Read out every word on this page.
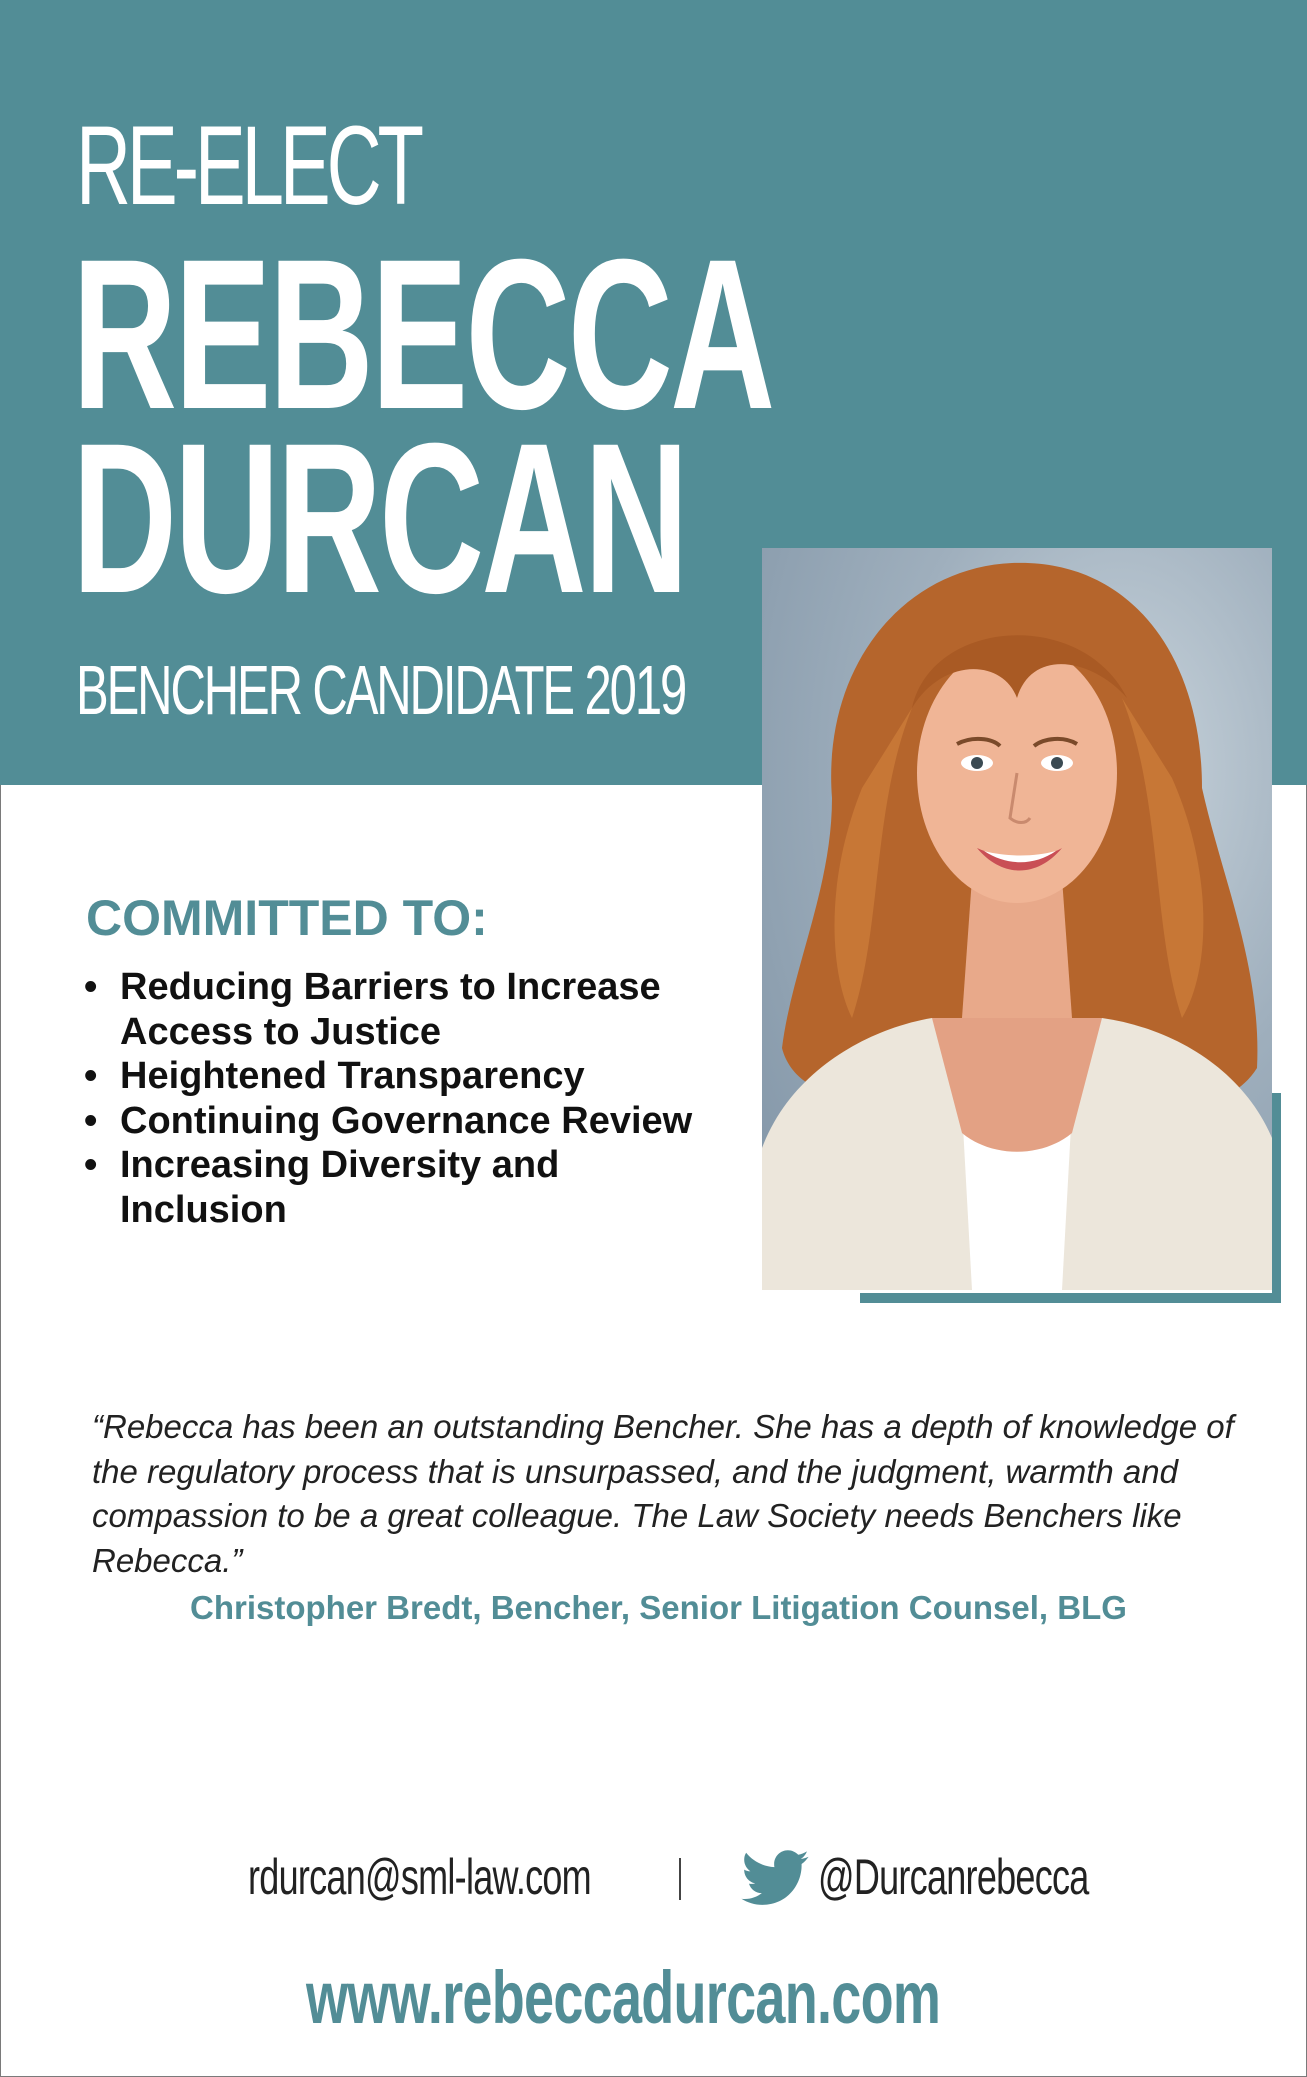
RE-ELECT
REBECCA
DURCAN
BENCHER CANDIDATE 2019
COMMITTED TO:
• Reducing Barriers to Increase Access to Justice
• Heightened Transparency
• Continuing Governance Review
• Increasing Diversity and Inclusion
“Rebecca has been an outstanding Bencher. She has a depth of knowledge of the regulatory process that is unsurpassed, and the judgment, warmth and compassion to be a great colleague. The Law Society needs Benchers like Rebecca.”
Christopher Bredt, Bencher, Senior Litigation Counsel, BLG
rdurcan@sml-law.com	@Durcanrebecca
www.rebeccadurcan.com
